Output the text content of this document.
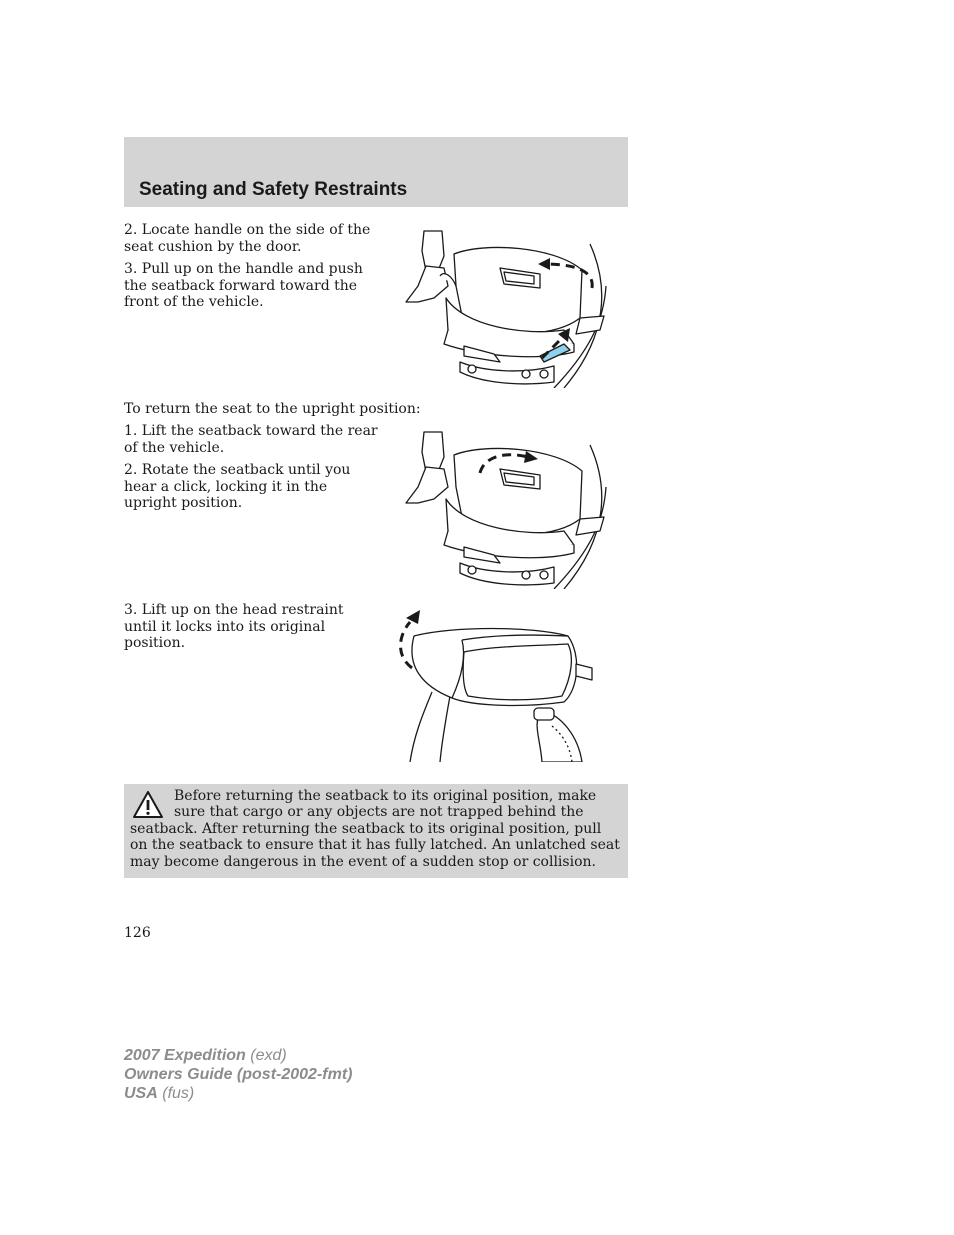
Seating and Safety Restraints

2. Locate handle on the side of the seat cushion by the door.

3. Pull up on the handle and push the seatback forward toward the front of the vehicle.

To return the seat to the upright position:

1. Lift the seatback toward the rear of the vehicle.

2. Rotate the seatback until you hear a click, locking it in the upright position.

3. Lift up on the head restraint until it locks into its original position.

Before returning the seatback to its original position, make sure that cargo or any objects are not trapped behind the seatback. After returning the seatback to its original position, pull on the seatback to ensure that it has fully latched. An unlatched seat may become dangerous in the event of a sudden stop or collision.

126
2007 Expedition (exd)
Owners Guide (post-2002-fmt)
USA (fus)
